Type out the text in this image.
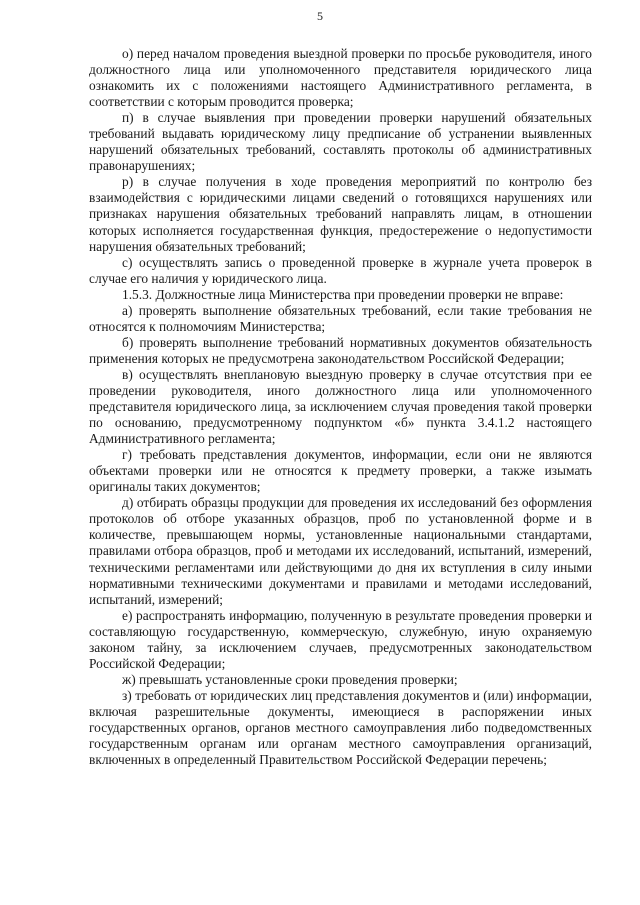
5

о) перед началом проведения выездной проверки по просьбе руководителя, иного должностного лица или уполномоченного представителя юридического лица ознакомить их с положениями настоящего Административного регламента, в соответствии с которым проводится проверка;

п) в случае выявления при проведении проверки нарушений обязательных требований выдавать юридическому лицу предписание об устранении выявленных нарушений обязательных требований, составлять протоколы об административных правонарушениях;

р) в случае получения в ходе проведения мероприятий по контролю без взаимодействия с юридическими лицами сведений о готовящихся нарушениях или признаках нарушения обязательных требований направлять лицам, в отношении которых исполняется государственная функция, предостережение о недопустимости нарушения обязательных требований;

с) осуществлять запись о проведенной проверке в журнале учета проверок в случае его наличия у юридического лица.

1.5.3. Должностные лица Министерства при проведении проверки не вправе:

а) проверять выполнение обязательных требований, если такие требования не относятся к полномочиям Министерства;

б) проверять выполнение требований нормативных документов обязательность применения которых не предусмотрена законодательством Российской Федерации;

в) осуществлять внеплановую выездную проверку в случае отсутствия при ее проведении руководителя, иного должностного лица или уполномоченного представителя юридического лица, за исключением случая проведения такой проверки по основанию, предусмотренному подпунктом «б» пункта 3.4.1.2 настоящего Административного регламента;

г) требовать представления документов, информации, если они не являются объектами проверки или не относятся к предмету проверки, а также изымать оригиналы таких документов;

д) отбирать образцы продукции для проведения их исследований без оформления протоколов об отборе указанных образцов, проб по установленной форме и в количестве, превышающем нормы, установленные национальными стандартами, правилами отбора образцов, проб и методами их исследований, испытаний, измерений, техническими регламентами или действующими до дня их вступления в силу иными нормативными техническими документами и правилами и методами исследований, испытаний, измерений;

е) распространять информацию, полученную в результате проведения проверки и составляющую государственную, коммерческую, служебную, иную охраняемую законом тайну, за исключением случаев, предусмотренных законодательством Российской Федерации;

ж) превышать установленные сроки проведения проверки;

з) требовать от юридических лиц представления документов и (или) информации, включая разрешительные документы, имеющиеся в распоряжении иных государственных органов, органов местного самоуправления либо подведомственных государственным органам или органам местного самоуправления организаций, включенных в определенный Правительством Российской Федерации перечень;
